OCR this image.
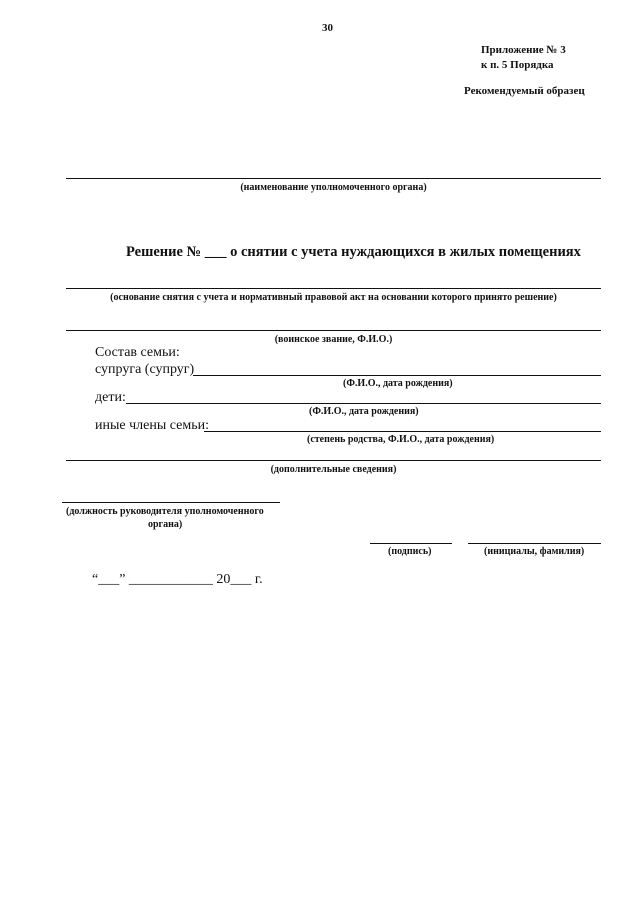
30
Приложение № 3
к п. 5 Порядка
Рекомендуемый образец
(наименование уполномоченного органа)
Решение № ___ о снятии с учета нуждающихся в жилых помещениях
(основание снятия с учета и нормативный правовой акт на основании которого принято решение)
(воинское звание, Ф.И.О.)
Состав семьи:
супруга (супруг)
(Ф.И.О., дата рождения)
дети:
(Ф.И.О., дата рождения)
иные члены семьи:
(степень родства, Ф.И.О., дата рождения)
(дополнительные сведения)
(должность руководителя уполномоченного
органа)
(подпись)	(инициалы, фамилия)
“___” ____________ 20___ г.
